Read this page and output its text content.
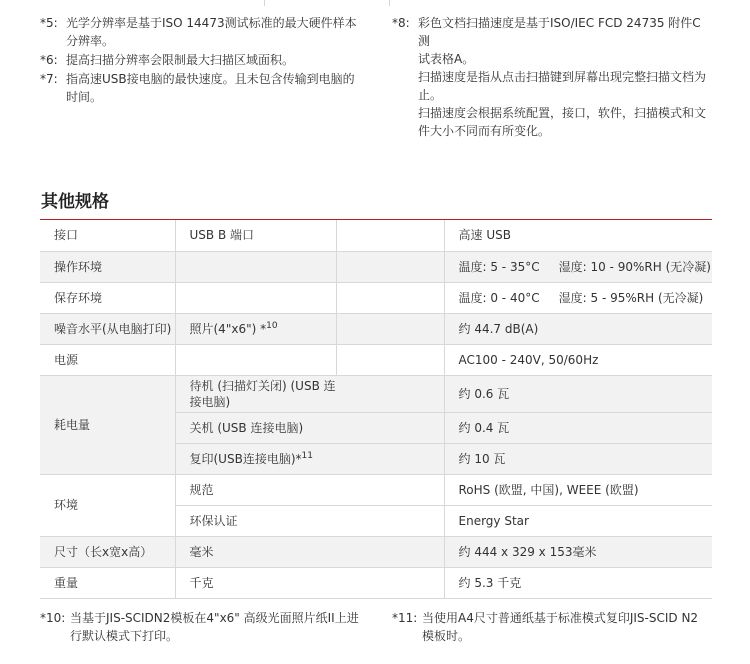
*5: 光学分辨率是基于ISO 14473测试标准的最大硬件样本

分辨率。

*6: 提高扫描分辨率会限制最大扫描区域面积。

*7: 指高速USB接电脑的最快速度。且未包含传输到电脑的

时间。

*8: 彩色文档扫描速度是基于ISO/IEC FCD 24735 附件C测

试表格A。

扫描速度是指从点击扫描键到屏幕出现完整扫描文档为

止。

扫描速度会根据系统配置，接口，软件，扫描模式和文

件大小不同而有所变化。

其他规格
接口	USB B 端口		高速 USB
操作环境			温度: 5 - 35°C     湿度: 10 - 90%RH (无冷凝)
保存环境			温度: 0 - 40°C     湿度: 5 - 95%RH (无冷凝)
噪音水平(从电脑打印)	照片(4"x6") *$^{10}$		约 44.7 dB(A)
电源			AC100 - 240V, 50/60Hz
耗电量	待机 (扫描灯关闭) (USB 连接电脑)		约 0.6 瓦
	关机 (USB 连接电脑)		约 0.4 瓦
	复印(USB连接电脑)*$^{11}$		约 10 瓦
环境	规范		RoHS (欧盟, 中国), WEEE (欧盟)
	环保认证		Energy Star
尺寸（长x宽x高）	毫米		约 444 x 329 x 153毫米
重量	千克		约 5.3 千克
*10: 当基于JIS-SCIDN2模板在4"x6" 高级光面照片纸II上进

行默认模式下打印。

*11: 当使用A4尺寸普通纸基于标准模式复印JIS-SCID N2

模板时。
